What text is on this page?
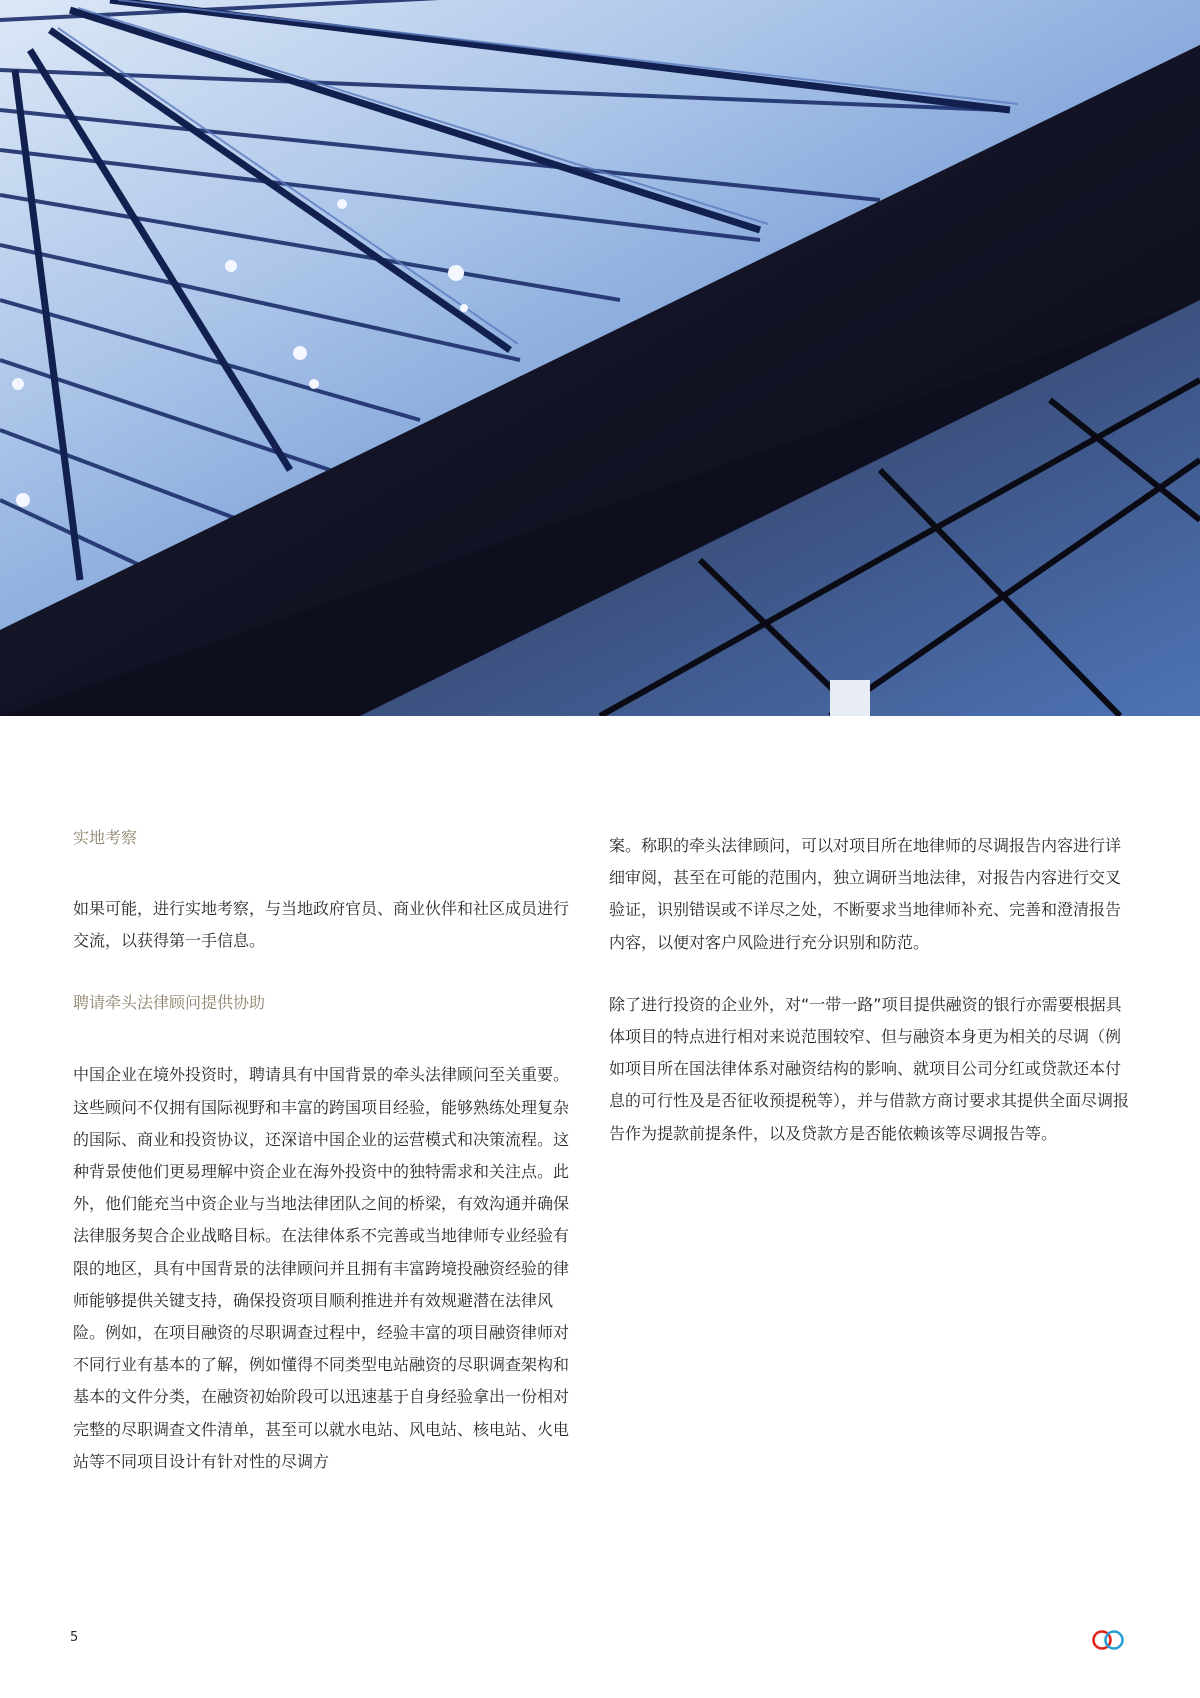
实地考察

如果可能，进行实地考察，与当地政府官员、商业伙伴和社区成员进行交流，以获得第一手信息。

聘请牵头法律顾问提供协助

中国企业在境外投资时，聘请具有中国背景的牵头法律顾问至关重要。这些顾问不仅拥有国际视野和丰富的跨国项目经验，能够熟练处理复杂的国际、商业和投资协议，还深谙中国企业的运营模式和决策流程。这种背景使他们更易理解中资企业在海外投资中的独特需求和关注点。此外，他们能充当中资企业与当地法律团队之间的桥梁，有效沟通并确保法律服务契合企业战略目标。在法律体系不完善或当地律师专业经验有限的地区，具有中国背景的法律顾问并且拥有丰富跨境投融资经验的律师能够提供关键支持，确保投资项目顺利推进并有效规避潜在法律风险。例如，在项目融资的尽职调查过程中，经验丰富的项目融资律师对不同行业有基本的了解，例如懂得不同类型电站融资的尽职调查架构和基本的文件分类，在融资初始阶段可以迅速基于自身经验拿出一份相对完整的尽职调查文件清单，甚至可以就水电站、风电站、核电站、火电站等不同项目设计有针对性的尽调方

案。称职的牵头法律顾问，可以对项目所在地律师的尽调报告内容进行详细审阅，甚至在可能的范围内，独立调研当地法律，对报告内容进行交叉验证，识别错误或不详尽之处，不断要求当地律师补充、完善和澄清报告内容，以便对客户风险进行充分识别和防范。

除了进行投资的企业外，对“一带一路”项目提供融资的银行亦需要根据具体项目的特点进行相对来说范围较窄、但与融资本身更为相关的尽调（例如项目所在国法律体系对融资结构的影响、就项目公司分红或贷款还本付息的可行性及是否征收预提税等），并与借款方商讨要求其提供全面尽调报告作为提款前提条件，以及贷款方是否能依赖该等尽调报告等。

5
